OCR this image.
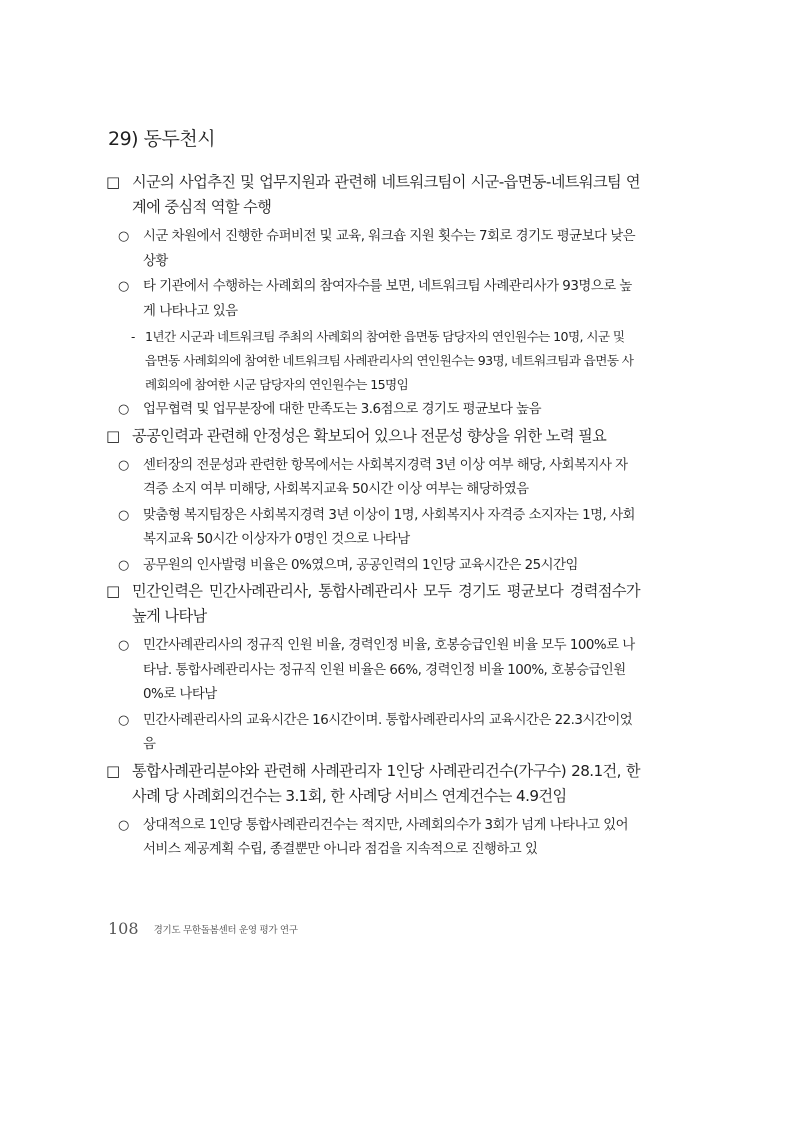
29) 동두천시
□ 시군의 사업추진 및 업무지원과 관련해 네트워크팀이 시군-읍면동-네트워크팀 연계에 중심적 역할 수행
○ 시군 차원에서 진행한 슈퍼비전 및 교육, 워크숍 지원 횟수는 7회로 경기도 평균보다 낮은 상황
○ 타 기관에서 수행하는 사례회의 참여자수를 보면, 네트워크팀 사례관리사가 93명으로 높게 나타나고 있음
- 1년간 시군과 네트워크팀 주최의 사례회의 참여한 읍면동 담당자의 연인원수는 10명, 시군 및 읍면동 사례회의에 참여한 네트워크팀 사례관리사의 연인원수는 93명, 네트워크팀과 읍면동 사례회의에 참여한 시군 담당자의 연인원수는 15명임
○ 업무협력 및 업무분장에 대한 만족도는 3.6점으로 경기도 평균보다 높음
□ 공공인력과 관련해 안정성은 확보되어 있으나 전문성 향상을 위한 노력 필요
○ 센터장의 전문성과 관련한 항목에서는 사회복지경력 3년 이상 여부 해당, 사회복지사 자격증 소지 여부 미해당, 사회복지교육 50시간 이상 여부는 해당하였음
○ 맞춤형 복지팀장은 사회복지경력 3년 이상이 1명, 사회복지사 자격증 소지자는 1명, 사회복지교육 50시간 이상자가 0명인 것으로 나타남
○ 공무원의 인사발령 비율은 0%였으며, 공공인력의 1인당 교육시간은 25시간임
□ 민간인력은 민간사례관리사, 통합사례관리사 모두 경기도 평균보다 경력점수가 높게 나타남
○ 민간사례관리사의 정규직 인원 비율, 경력인정 비율, 호봉승급인원 비율 모두 100%로 나타남. 통합사례관리사는 정규직 인원 비율은 66%, 경력인정 비율 100%, 호봉승급인원 0%로 나타남
○ 민간사례관리사의 교육시간은 16시간이며. 통합사례관리사의 교육시간은 22.3시간이었음
□ 통합사례관리분야와 관련해 사례관리자 1인당 사례관리건수(가구수) 28.1건, 한 사례 당 사례회의건수는 3.1회, 한 사례당 서비스 연계건수는 4.9건임
○ 상대적으로 1인당 통합사례관리건수는 적지만, 사례회의수가 3회가 넘게 나타나고 있어 서비스 제공계획 수립, 종결뿐만 아니라 점검을 지속적으로 진행하고 있
108 경기도 무한돌봄센터 운영 평가 연구
